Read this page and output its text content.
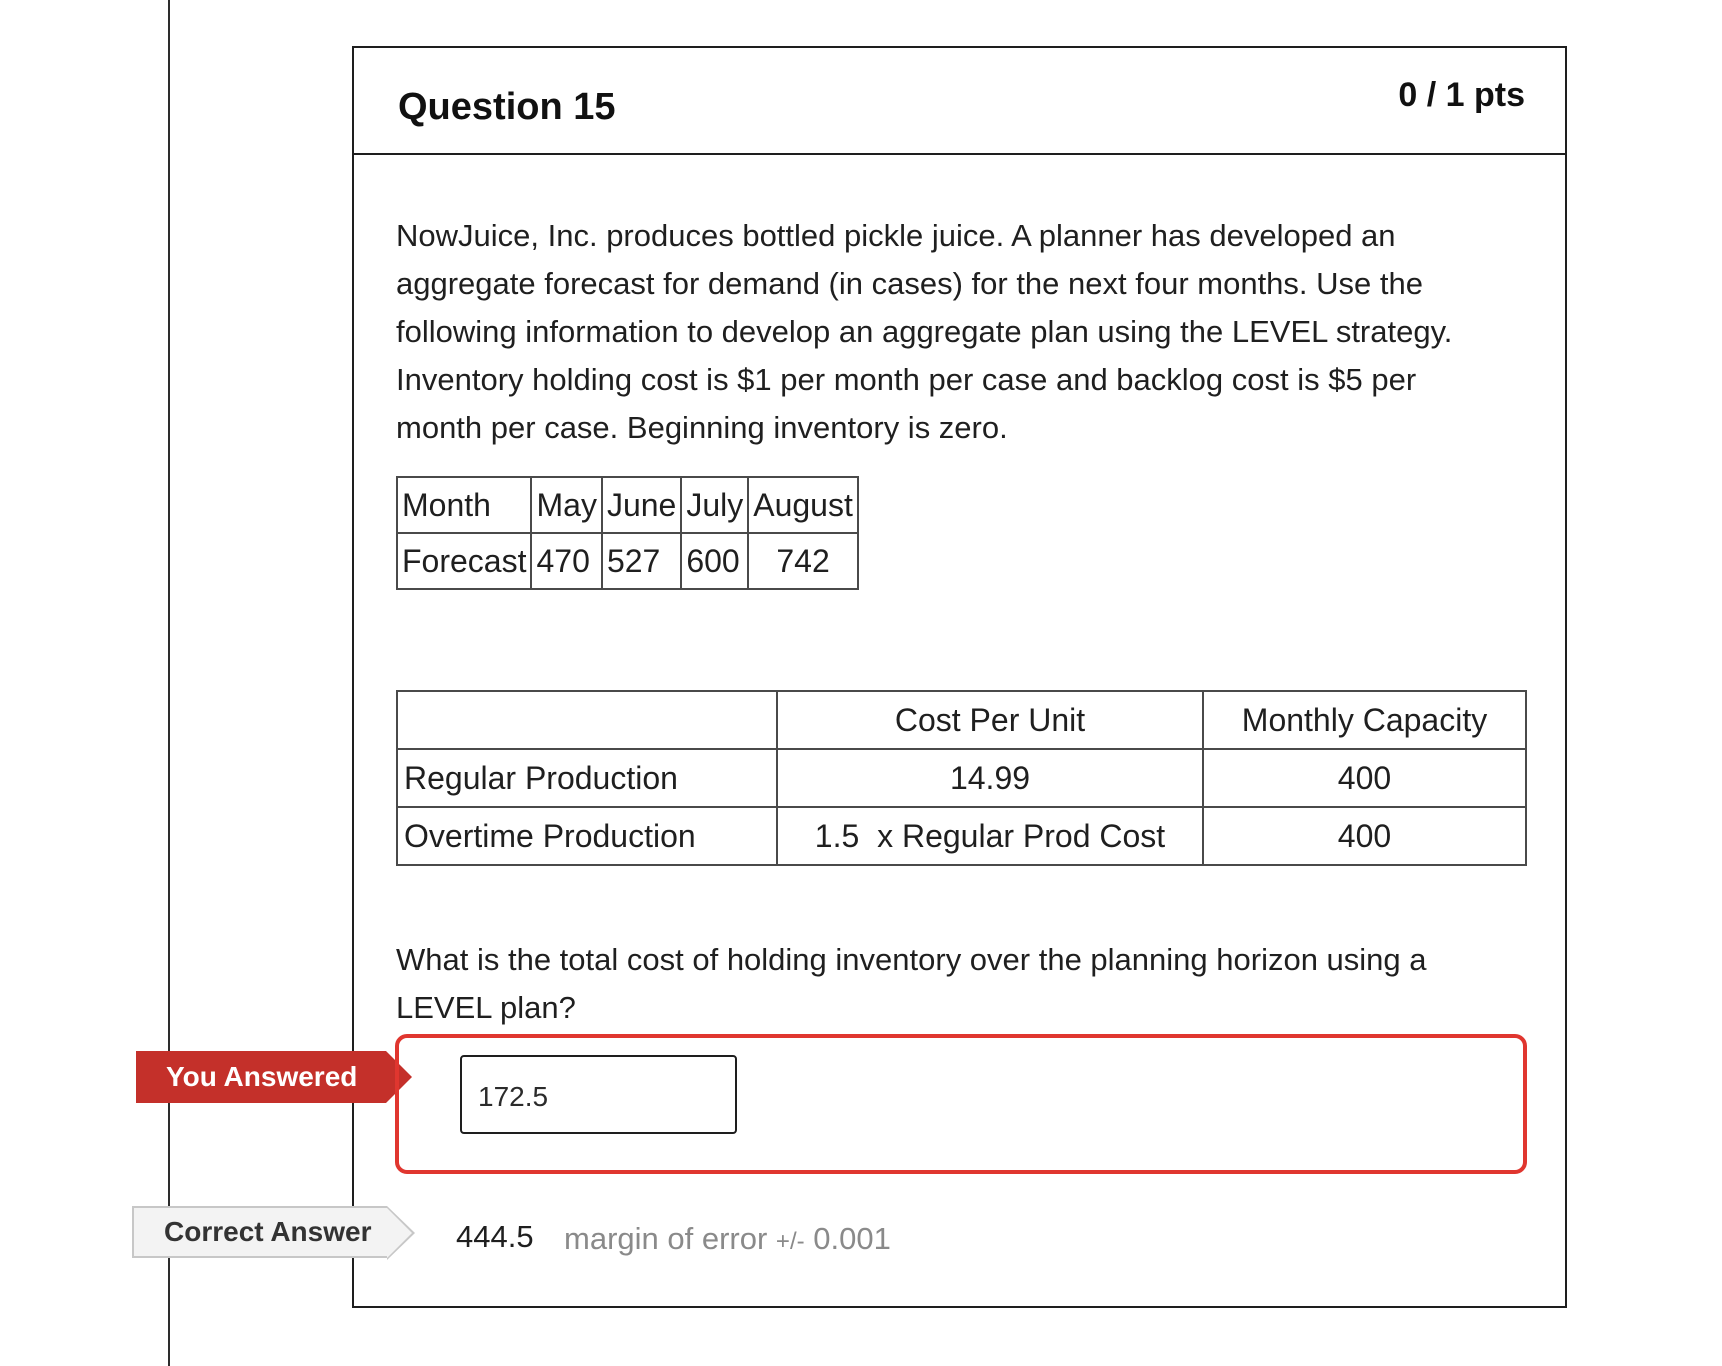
Question 15	0 / 1 pts
NowJuice, Inc. produces bottled pickle juice. A planner has developed an aggregate forecast for demand (in cases) for the next four months. Use the following information to develop an aggregate plan using the LEVEL strategy. Inventory holding cost is $1 per month per case and backlog cost is $5 per month per case. Beginning inventory is zero.
Month	May	June	July	August
Forecast	470	527	600	742
	Cost Per Unit	Monthly Capacity
Regular Production	14.99	400
Overtime Production	1.5  x Regular Prod Cost	400
What is the total cost of holding inventory over the planning horizon using a LEVEL plan?
You Answered
172.5
Correct Answer	444.5 margin of error +/- 0.001
